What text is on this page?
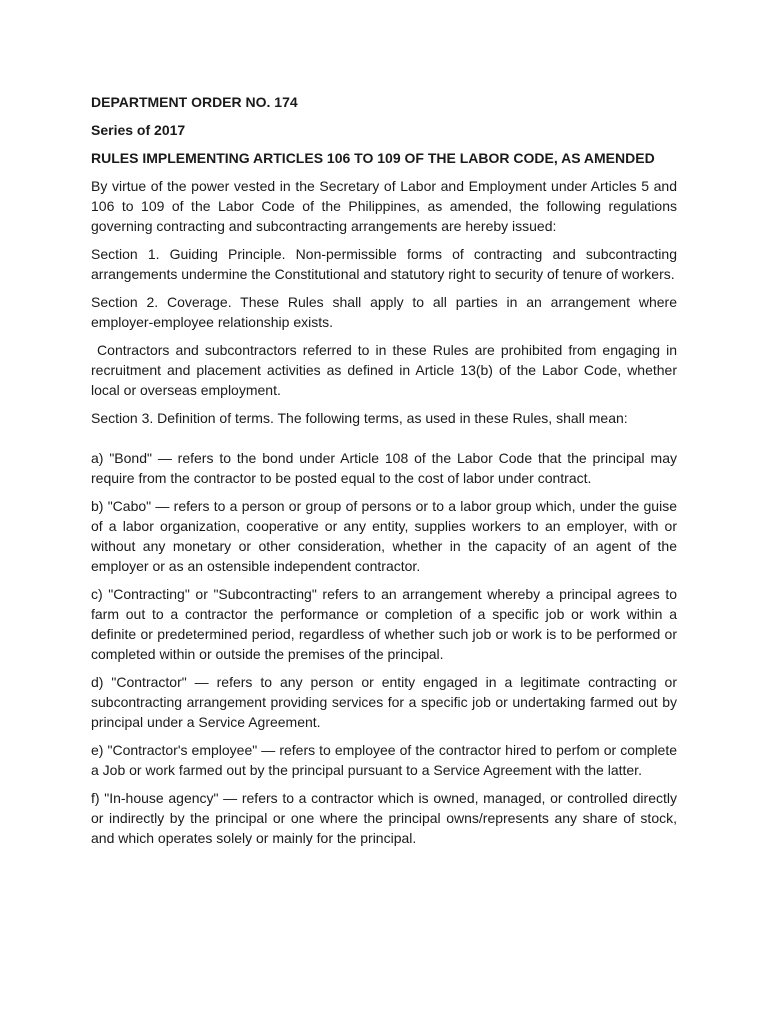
DEPARTMENT ORDER NO. 174

Series of 2017

RULES IMPLEMENTING ARTICLES 106 TO 109 OF THE LABOR CODE, AS AMENDED

By virtue of the power vested in the Secretary of Labor and Employment under Articles 5 and 106 to 109 of the Labor Code of the Philippines, as amended, the following regulations governing contracting and subcontracting arrangements are hereby issued:

Section 1. Guiding Principle. Non-permissible forms of contracting and subcontracting arrangements undermine the Constitutional and statutory right to security of tenure of workers.

Section 2. Coverage. These Rules shall apply to all parties in an arrangement where employer-employee relationship exists.

Contractors and subcontractors referred to in these Rules are prohibited from engaging in recruitment and placement activities as defined in Article 13(b) of the Labor Code, whether local or overseas employment.

Section 3. Definition of terms. The following terms, as used in these Rules, shall mean:

a) "Bond" — refers to the bond under Article 108 of the Labor Code that the principal may require from the contractor to be posted equal to the cost of labor under contract.

b) "Cabo" — refers to a person or group of persons or to a labor group which, under the guise of a labor organization, cooperative or any entity, supplies workers to an employer, with or without any monetary or other consideration, whether in the capacity of an agent of the employer or as an ostensible independent contractor.

c) "Contracting" or "Subcontracting" refers to an arrangement whereby a principal agrees to farm out to a contractor the performance or completion of a specific job or work within a definite or predetermined period, regardless of whether such job or work is to be performed or completed within or outside the premises of the principal.

d) "Contractor" — refers to any person or entity engaged in a legitimate contracting or subcontracting arrangement providing services for a specific job or undertaking farmed out by principal under a Service Agreement.

e) "Contractor's employee" — refers to employee of the contractor hired to perfom or complete a Job or work farmed out by the principal pursuant to a Service Agreement with the latter.

f) "In-house agency" — refers to a contractor which is owned, managed, or controlled directly or indirectly by the principal or one where the principal owns/represents any share of stock, and which operates solely or mainly for the principal.
